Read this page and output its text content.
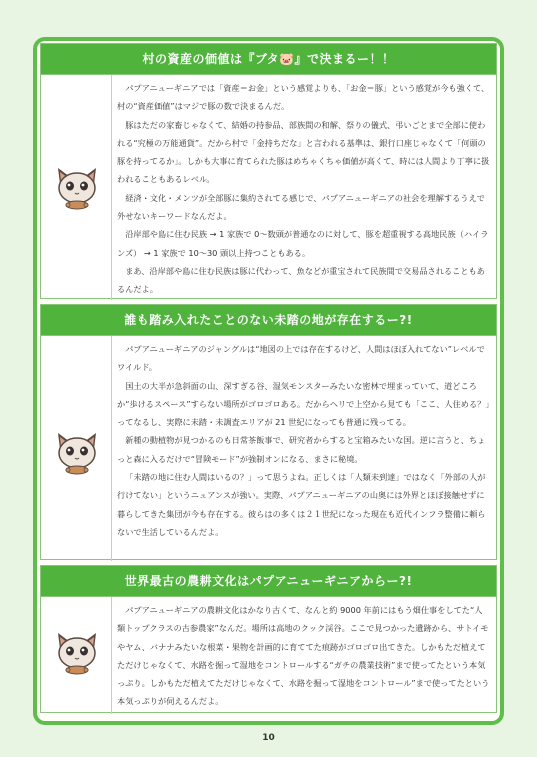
村の資産の価値は『ブタ🐷』で決まるー！！

パプアニューギニアでは「資産＝お金」という感覚よりも、「お金＝豚」という感覚が今も強くて、村の“資産価値”はマジで豚の数で決まるんだ。

豚はただの家畜じゃなくて、結婚の持参品、部族間の和解、祭りの儀式、弔いごとまで全部に使われる“究極の万能通貨”。だから村で「金持ちだな」と言われる基準は、銀行口座じゃなくて「何頭の豚を持ってるか」。しかも大事に育てられた豚はめちゃくちゃ価値が高くて、時には人間より丁寧に扱われることもあるレベル。

経済・文化・メンツが全部豚に集約されてる感じで、パプアニューギニアの社会を理解するうえで外せないキーワードなんだよ。

沿岸部や島に住む民族 → 1 家族で 0〜数頭が普通なのに対して、豚を超重視する高地民族（ハイランズ） → 1 家族で 10〜30 頭以上持つこともある。

まあ、沿岸部や島に住む民族は豚に代わって、魚などが重宝されて民族間で交易品されることもあるんだよ。

誰も踏み入れたことのない未踏の地が存在するー?!

パプアニューギニアのジャングルは“地図の上では存在するけど、人間はほぼ入れてない”レベルでワイルド。

国土の大半が急斜面の山、深すぎる谷、湿気モンスターみたいな密林で埋まっていて、道どころか“歩けるスペース”すらない場所がゴロゴロある。だからヘリで上空から見ても「ここ、人住める？」ってなるし、実際に未踏・未調査エリアが 21 世紀になっても普通に残ってる。

新種の動植物が見つかるのも日常茶飯事で、研究者からすると宝箱みたいな国。逆に言うと、ちょっと森に入るだけで“冒険モード”が強制オンになる、まさに秘境。

「未踏の地に住む人間はいるの？」って思うよね。正しくは「人類未到達」ではなく「外部の人が行けてない」というニュアンスが強い。実際、パプアニューギニアの山奥には外界とほぼ接触せずに暮らしてきた集団が今も存在する。彼らはの多くは２１世紀になった現在も近代インフラ整備に頼らないで生活しているんだよ。

世界最古の農耕文化はパプアニューギニアからー?!

パプアニューギニアの農耕文化はかなり古くて、なんと約 9000 年前にはもう畑仕事をしてた“人類トップクラスの古参農家”なんだ。場所は高地のクック渓谷。ここで見つかった遺跡から、サトイモやヤム、バナナみたいな根菜・果物を計画的に育ててた痕跡がゴロゴロ出てきた。しかもただ植えてただけじゃなくて、水路を掘って湿地をコントロールする“ガチの農業技術”まで使ってたという本気っぷり。しかもただ植えてただけじゃなくて、水路を掘って湿地をコントロール”まで使ってたという本気っぷりが伺えるんだよ。

10
